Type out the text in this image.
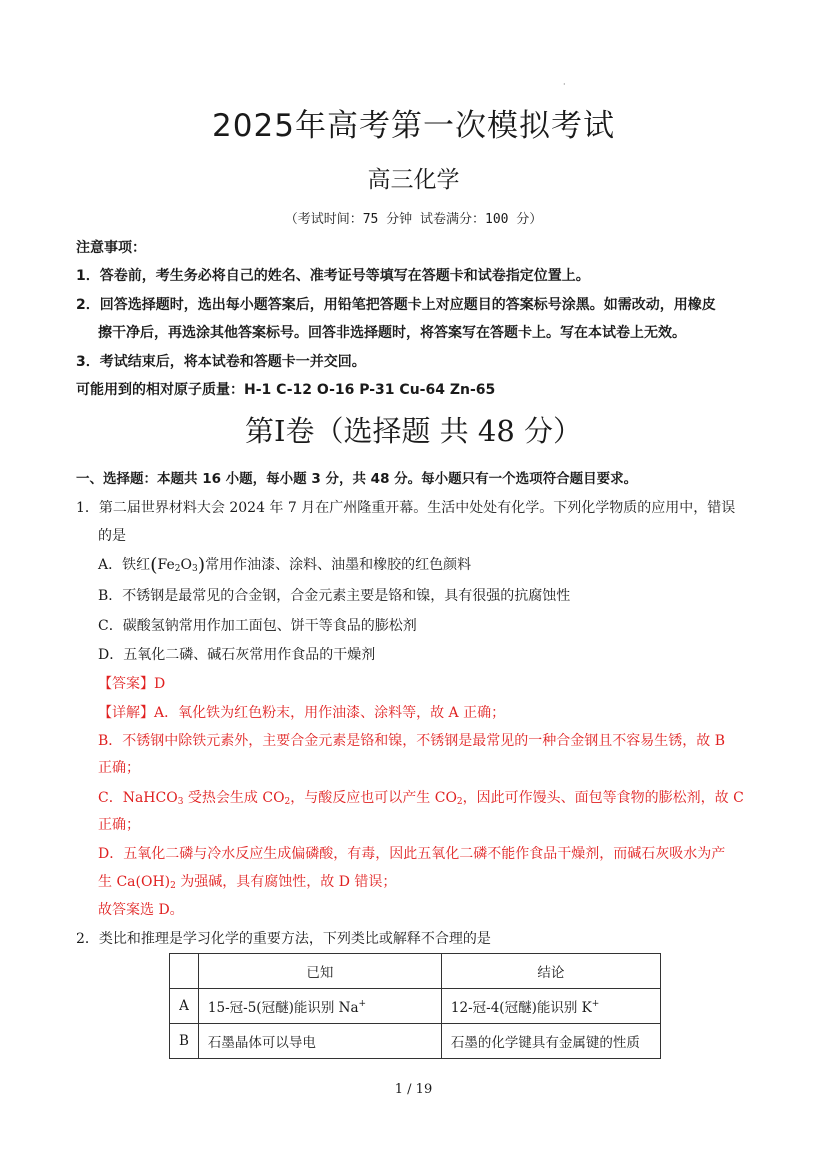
·
2025年高考第一次模拟考试
高三化学
（考试时间：75 分钟 试卷满分：100 分）
注意事项：
1．答卷前，考生务必将自己的姓名、准考证号等填写在答题卡和试卷指定位置上。
2．回答选择题时，选出每小题答案后，用铅笔把答题卡上对应题目的答案标号涂黑。如需改动，用橡皮
擦干净后，再选涂其他答案标号。回答非选择题时，将答案写在答题卡上。写在本试卷上无效。
3．考试结束后，将本试卷和答题卡一并交回。
可能用到的相对原子质量：H-1 C-12 O-16 P-31 Cu-64 Zn-65
第I卷（选择题 共 48 分）
一、选择题：本题共 16 小题，每小题 3 分，共 48 分。每小题只有一个选项符合题目要求。
1．第二届世界材料大会 2024 年 7 月在广州隆重开幕。生活中处处有化学。下列化学物质的应用中，错误
的是
A．铁红$(Fe_2O_3)$常用作油漆、涂料、油墨和橡胶的红色颜料
B．不锈钢是最常见的合金钢，合金元素主要是铬和镍，具有很强的抗腐蚀性
C．碳酸氢钠常用作加工面包、饼干等食品的膨松剂
D．五氧化二磷、碱石灰常用作食品的干燥剂
【答案】D
【详解】A．氧化铁为红色粉末，用作油漆、涂料等，故 A 正确；
B．不锈钢中除铁元素外，主要合金元素是铬和镍，不锈钢是最常见的一种合金钢且不容易生锈，故 B
正确；
C．NaHCO$_3$ 受热会生成 $CO_2$，与酸反应也可以产生 $CO_2$，因此可作馒头、面包等食物的膨松剂，故 C
正确；
D．五氧化二磷与冷水反应生成偏磷酸，有毒，因此五氧化二磷不能作食品干燥剂，而碱石灰吸水为产
生 $Ca(OH)_2$ 为强碱，具有腐蚀性，故 D 错误；
故答案选 D。
2．类比和推理是学习化学的重要方法，下列类比或解释不合理的是
	已知	结论
A	15-冠-5(冠醚)能识别 Na+	12-冠-4(冠醚)能识别 K+
B	石墨晶体可以导电	石墨的化学键具有金属键的性质
1 / 19
